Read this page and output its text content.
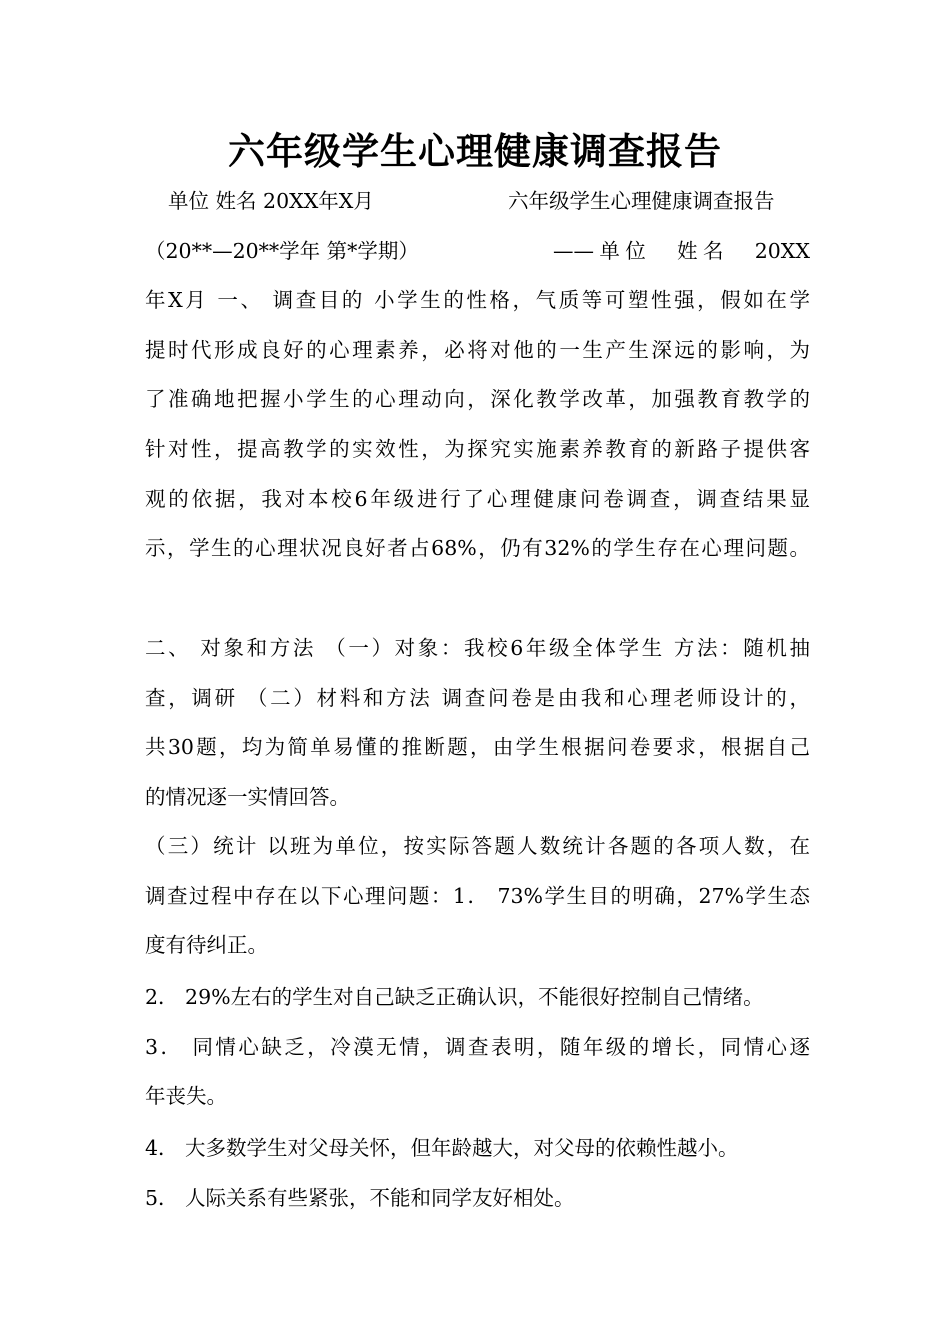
六年级学生心理健康调查报告
单位 姓名 20XX年X月	六年级学生心理健康调查报告
（20**—20**学年 第*学期）	——单位　姓名　20XX

年X月 一、 调查目的 小学生的性格，气质等可塑性强，假如在学

提时代形成良好的心理素养，必将对他的一生产生深远的影响，为

了准确地把握小学生的心理动向，深化教学改革，加强教育教学的

针对性，提高教学的实效性，为探究实施素养教育的新路子提供客

观的依据，我对本校6年级进行了心理健康问卷调查，调查结果显

示，学生的心理状况良好者占68%，仍有32%的学生存在心理问题。

二、 对象和方法 （一）对象：我校6年级全体学生 方法：随机抽

查，调研 （二）材料和方法 调查问卷是由我和心理老师设计的，

共30题，均为简单易懂的推断题，由学生根据问卷要求，根据自己

的情况逐一实情回答。

（三）统计 以班为单位，按实际答题人数统计各题的各项人数，在

调查过程中存在以下心理问题：1． 73%学生目的明确，27%学生态

度有待纠正。

2． 29%左右的学生对自己缺乏正确认识，不能很好控制自己情绪。

3． 同情心缺乏，冷漠无情，调查表明，随年级的增长，同情心逐

年丧失。

4． 大多数学生对父母关怀，但年龄越大，对父母的依赖性越小。

5． 人际关系有些紧张，不能和同学友好相处。
